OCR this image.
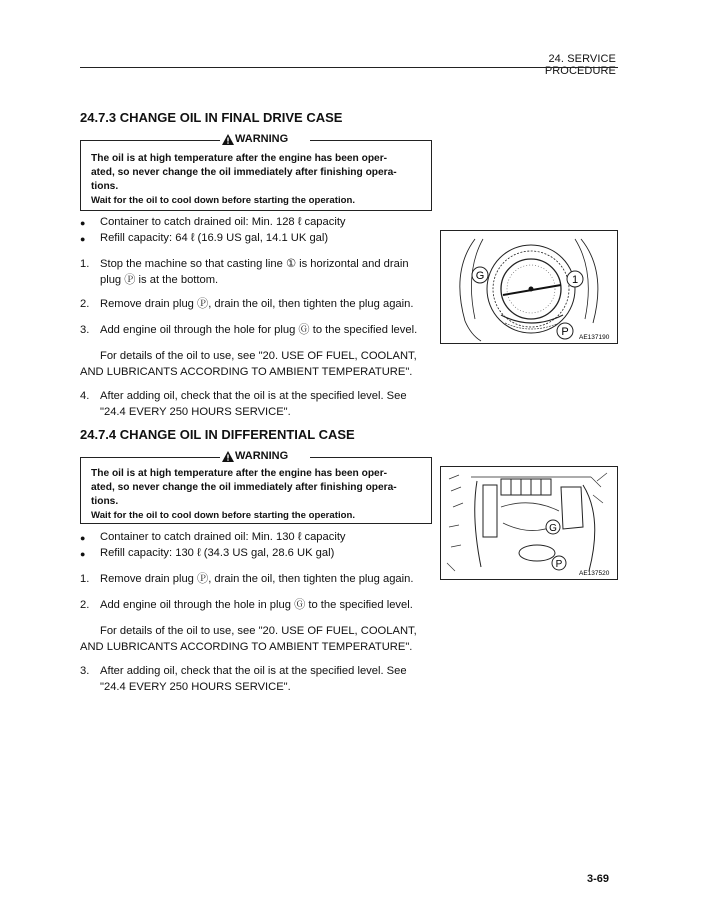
24. SERVICE PROCEDURE
24.7.3 CHANGE OIL IN FINAL DRIVE CASE
WARNING
The oil is at high temperature after the engine has been oper-
ated, so never change the oil immediately after finishing opera-
tions.
Wait for the oil to cool down before starting the operation.
●	Container to catch drained oil: Min. 128 ℓ capacity
●	Refill capacity: 64 ℓ (16.9 US gal, 14.1 UK gal)
1. Stop the machine so that casting line ① is horizontal and drain
plug Ⓟ is at the bottom.
2. Remove drain plug Ⓟ, drain the oil, then tighten the plug again.
3. Add engine oil through the hole for plug Ⓖ to the specified level.
For details of the oil to use, see "20. USE OF FUEL, COOLANT,
AND LUBRICANTS ACCORDING TO AMBIENT TEMPERATURE".
4. After adding oil, check that the oil is at the specified level. See
"24.4 EVERY 250 HOURS SERVICE".
G	1
P AE137190
24.7.4 CHANGE OIL IN DIFFERENTIAL CASE
WARNING
The oil is at high temperature after the engine has been oper-
ated, so never change the oil immediately after finishing opera-
tions.
Wait for the oil to cool down before starting the operation.
●	Container to catch drained oil: Min. 130 ℓ capacity
●	Refill capacity: 130 ℓ (34.3 US gal, 28.6 UK gal)
1. Remove drain plug Ⓟ, drain the oil, then tighten the plug again.
2. Add engine oil through the hole in plug Ⓖ to the specified level.
For details of the oil to use, see "20. USE OF FUEL, COOLANT,
AND LUBRICANTS ACCORDING TO AMBIENT TEMPERATURE".
3. After adding oil, check that the oil is at the specified level. See
"24.4 EVERY 250 HOURS SERVICE".
G
P
AE137520
3-69
